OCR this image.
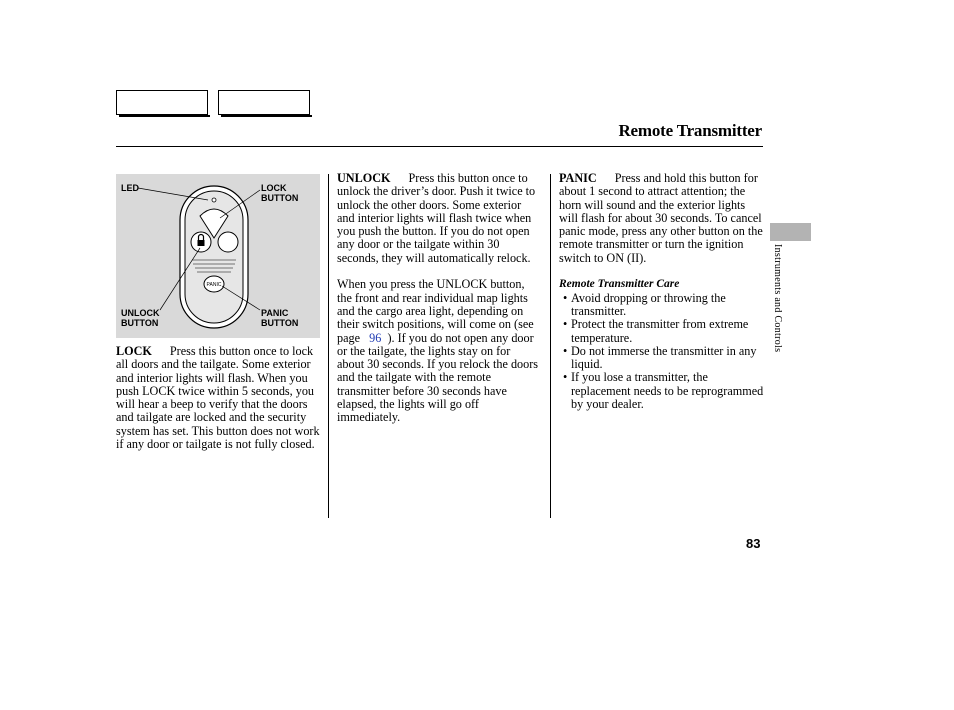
Remote Transmitter
PANIC
LED	LOCK
BUTTON
UNLOCK
BUTTON
PANIC
BUTTON

LOCK Press this button once to lock all doors and the tailgate. Some exterior and interior lights will flash. When you push LOCK twice within 5 seconds, you will hear a beep to verify that the doors and tailgate are locked and the security system has set. This button does not work if any door or tailgate is not fully closed.

UNLOCK Press this button once to unlock the driver’s door. Push it twice to unlock the other doors. Some exterior and interior lights will flash twice when you push the button. If you do not open any door or the tailgate within 30 seconds, they will automatically relock.

When you press the UNLOCK button, the front and rear individual map lights and the cargo area light, depending on their switch positions, will come on (see page 96 ). If you do not open any door or the tailgate, the lights stay on for about 30 seconds. If you relock the doors and the tailgate with the remote transmitter before 30 seconds have elapsed, the lights will go off immediately.

PANIC Press and hold this button for about 1 second to attract attention; the horn will sound and the exterior lights will flash for about 30 seconds. To cancel panic mode, press any other button on the remote transmitter or turn the ignition switch to ON (II).

Remote Transmitter Care

• Avoid dropping or throwing the transmitter.
• Protect the transmitter from extreme temperature.
• Do not immerse the transmitter in any liquid.
• If you lose a transmitter, the replacement needs to be reprogrammed by your dealer.
Instruments and Controls
83
